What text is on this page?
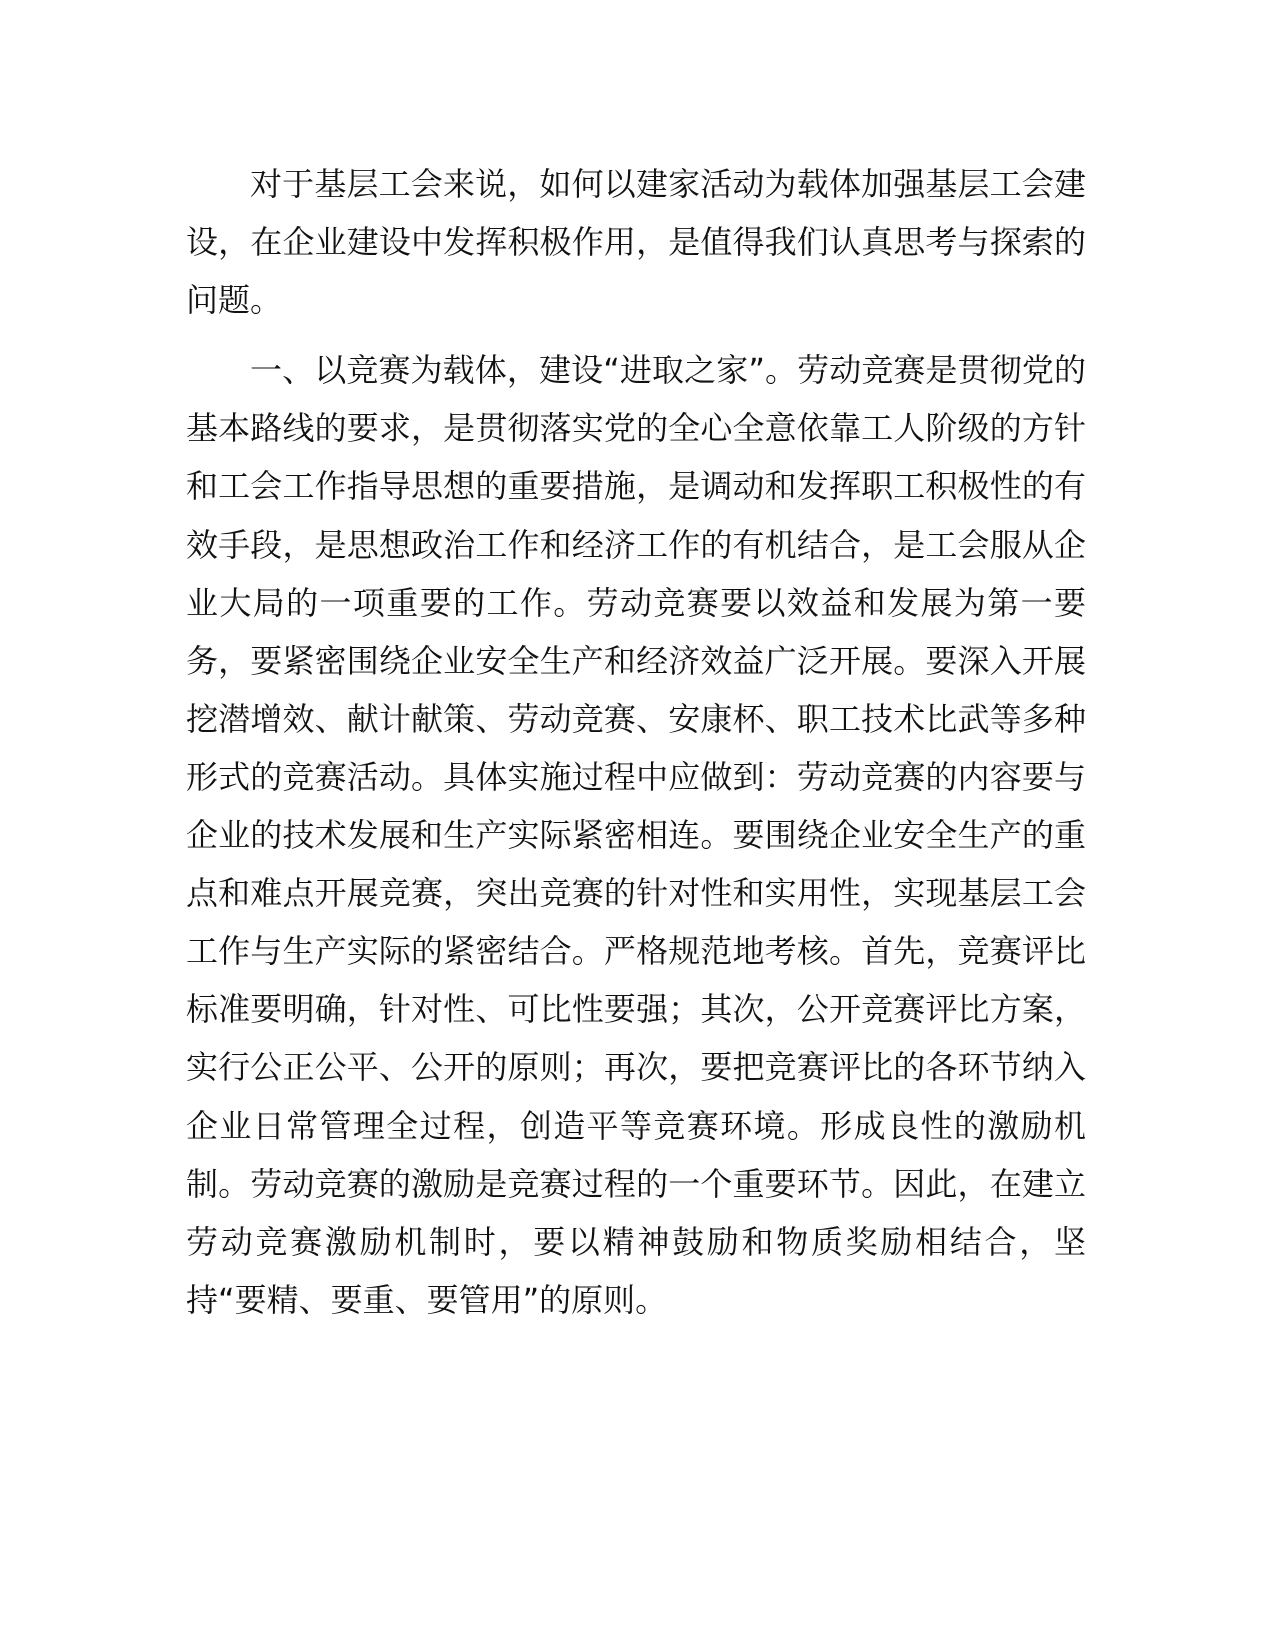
对于基层工会来说，如何以建家活动为载体加强基层工会建设，在企业建设中发挥积极作用，是值得我们认真思考与探索的问题。

一、以竞赛为载体，建设“进取之家”。劳动竞赛是贯彻党的基本路线的要求，是贯彻落实党的全心全意依靠工人阶级的方针和工会工作指导思想的重要措施，是调动和发挥职工积极性的有效手段，是思想政治工作和经济工作的有机结合，是工会服从企业大局的一项重要的工作。劳动竞赛要以效益和发展为第一要务，要紧密围绕企业安全生产和经济效益广泛开展。要深入开展挖潜增效、献计献策、劳动竞赛、安康杯、职工技术比武等多种形式的竞赛活动。具体实施过程中应做到：劳动竞赛的内容要与企业的技术发展和生产实际紧密相连。要围绕企业安全生产的重点和难点开展竞赛，突出竞赛的针对性和实用性，实现基层工会工作与生产实际的紧密结合。严格规范地考核。首先，竞赛评比标准要明确，针对性、可比性要强；其次，公开竞赛评比方案，实行公正公平、公开的原则；再次，要把竞赛评比的各环节纳入企业日常管理全过程，创造平等竞赛环境。形成良性的激励机制。劳动竞赛的激励是竞赛过程的一个重要环节。因此，在建立劳动竞赛激励机制时，要以精神鼓励和物质奖励相结合，坚持“要精、要重、要管用”的原则。
